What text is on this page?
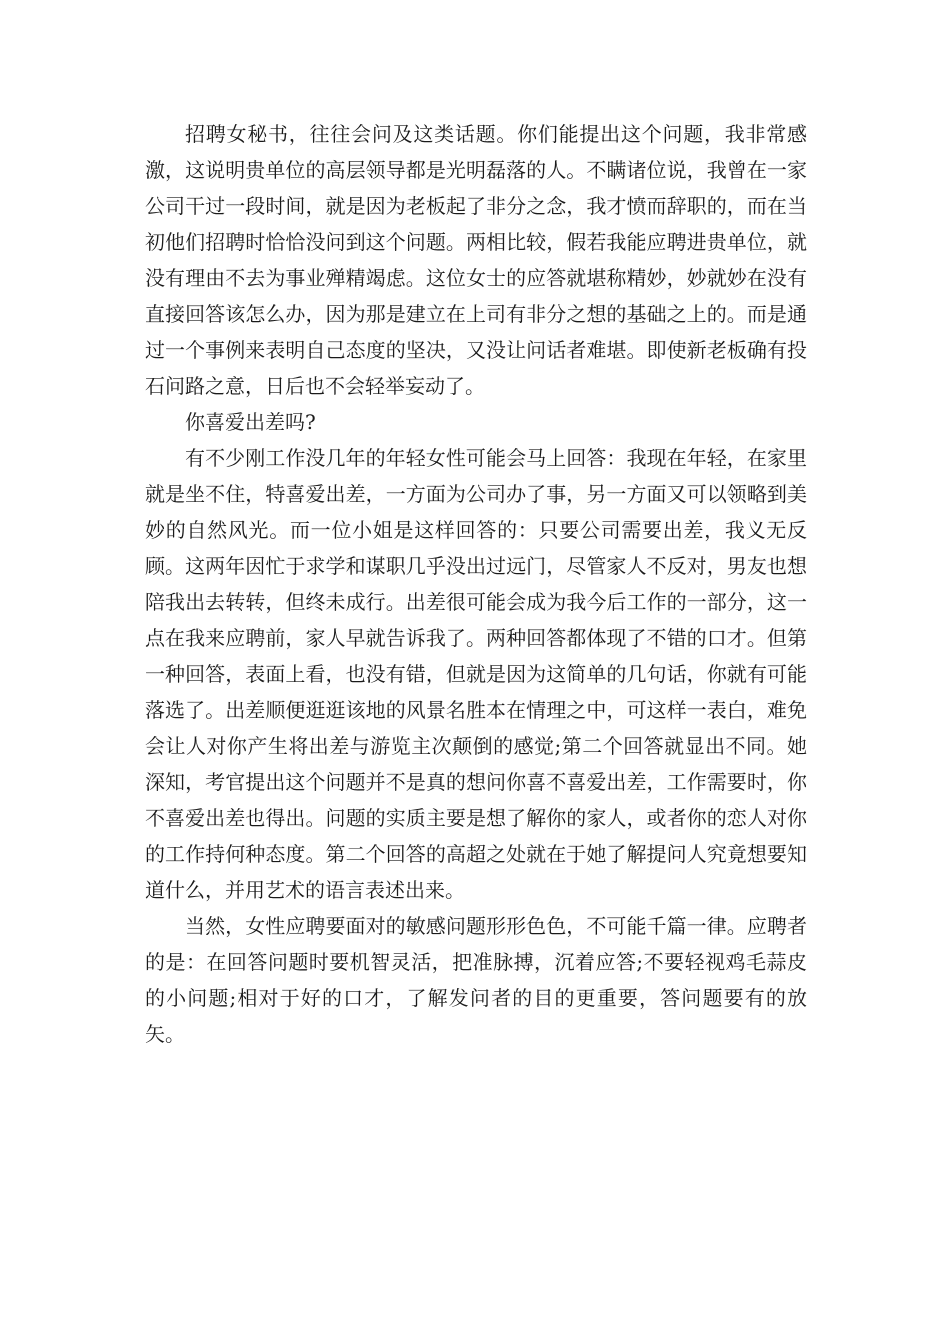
招聘女秘书，往往会问及这类话题。你们能提出这个问题，我非常感激，这说明贵单位的高层领导都是光明磊落的人。不瞒诸位说，我曾在一家公司干过一段时间，就是因为老板起了非分之念，我才愤而辞职的，而在当初他们招聘时恰恰没问到这个问题。两相比较，假若我能应聘进贵单位，就没有理由不去为事业殚精竭虑。这位女士的应答就堪称精妙，妙就妙在没有直接回答该怎么办，因为那是建立在上司有非分之想的基础之上的。而是通过一个事例来表明自己态度的坚决，又没让问话者难堪。即使新老板确有投石问路之意，日后也不会轻举妄动了。

你喜爱出差吗?

有不少刚工作没几年的年轻女性可能会马上回答：我现在年轻，在家里就是坐不住，特喜爱出差，一方面为公司办了事，另一方面又可以领略到美妙的自然风光。而一位小姐是这样回答的：只要公司需要出差，我义无反顾。这两年因忙于求学和谋职几乎没出过远门，尽管家人不反对，男友也想陪我出去转转，但终未成行。出差很可能会成为我今后工作的一部分，这一点在我来应聘前，家人早就告诉我了。两种回答都体现了不错的口才。但第一种回答，表面上看，也没有错，但就是因为这简单的几句话，你就有可能落选了。出差顺便逛逛该地的风景名胜本在情理之中，可这样一表白，难免会让人对你产生将出差与游览主次颠倒的感觉;第二个回答就显出不同。她深知，考官提出这个问题并不是真的想问你喜不喜爱出差，工作需要时，你不喜爱出差也得出。问题的实质主要是想了解你的家人，或者你的恋人对你的工作持何种态度。第二个回答的高超之处就在于她了解提问人究竟想要知道什么，并用艺术的语言表述出来。

当然，女性应聘要面对的敏感问题形形色色，不可能千篇一律。应聘者的是：在回答问题时要机智灵活，把准脉搏，沉着应答;不要轻视鸡毛蒜皮的小问题;相对于好的口才，了解发问者的目的更重要，答问题要有的放矢。
